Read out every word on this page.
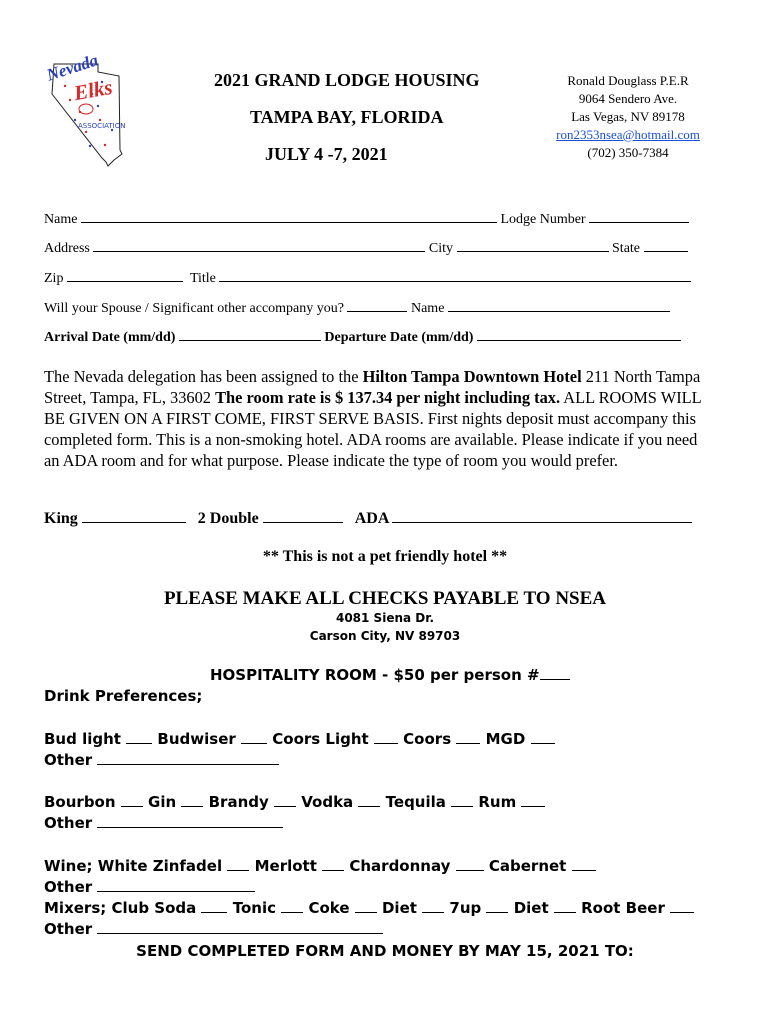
Nevada
Elks
ASSOCIATION
2021 GRAND LODGE HOUSING
TAMPA BAY, FLORIDA
JULY 4 -7, 2021
Ronald Douglass P.E.R
9064 Sendero Ave.
Las Vegas, NV 89178
ron2353nsea@hotmail.com
(702) 350-7384
Name	Lodge Number
Address	City	State
Zip	Title
Will your Spouse / Significant other accompany you?	Name
Arrival Date (mm/dd)	Departure Date (mm/dd)
The Nevada delegation has been assigned to the Hilton Tampa Downtown Hotel 211 North Tampa Street, Tampa, FL, 33602 The room rate is $ 137.34 per night including tax. ALL ROOMS WILL BE GIVEN ON A FIRST COME, FIRST SERVE BASIS. First nights deposit must accompany this completed form. This is a non-smoking hotel. ADA rooms are available. Please indicate if you need an ADA room and for what purpose. Please indicate the type of room you would prefer.
King	2 Double	ADA
** This is not a pet friendly hotel **
PLEASE MAKE ALL CHECKS PAYABLE TO NSEA
4081 Siena Dr.
Carson City, NV 89703
HOSPITALITY ROOM - $50 per person #
Drink Preferences;
Bud light Budwiser Coors Light Coors MGD
Other
Bourbon Gin Brandy Vodka Tequila Rum
Other
Wine; White Zinfadel Merlott Chardonnay	Cabernet
Other
Mixers; Club Soda Tonic Coke Diet 7up Diet Root Beer
Other
SEND COMPLETED FORM AND MONEY BY MAY 15, 2021 TO:
